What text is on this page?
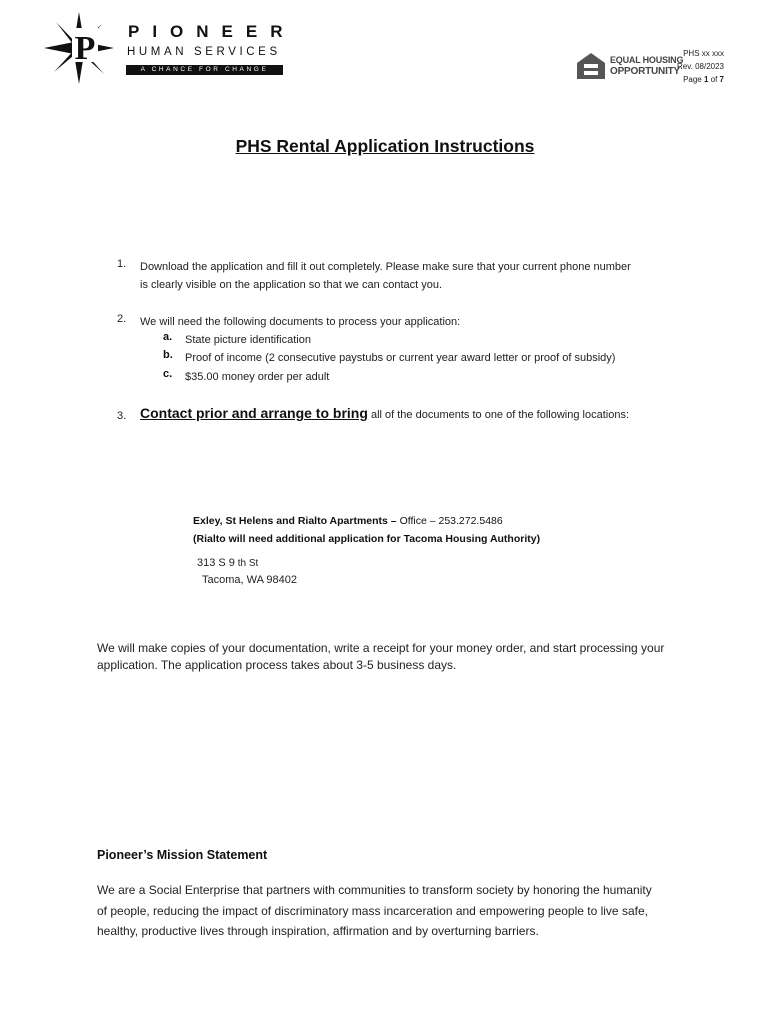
P PIONEER
HUMAN SERVICES
A CHANCE FOR CHANGE
EQUAL HOUSING
OPPORTUNITY
PHS xx xxx
Rev. 08/2023
Page 1 of 7
PHS Rental Application Instructions
1. Download the application and fill it out completely. Please make sure that your current phone number
is clearly visible on the application so that we can contact you.
2. We will need the following documents to process your application:
a. State picture identification
b. Proof of income (2 consecutive paystubs or current year award letter or proof of subsidy)
c. $35.00 money order per adult
3. Contact prior and arrange to bring all of the documents to one of the following locations:
Exley, St Helens and Rialto Apartments – Office – 253.272.5486
(Rialto will need additional application for Tacoma Housing Authority)
313 S 9 th St
Tacoma, WA 98402
We will make copies of your documentation, write a receipt for your money order, and start processing your application. The application process takes about 3-5 business days.
Pioneer’s Mission Statement
We are a Social Enterprise that partners with communities to transform society by honoring the humanity of people, reducing the impact of discriminatory mass incarceration and empowering people to live safe, healthy, productive lives through inspiration, affirmation and by overturning barriers.
